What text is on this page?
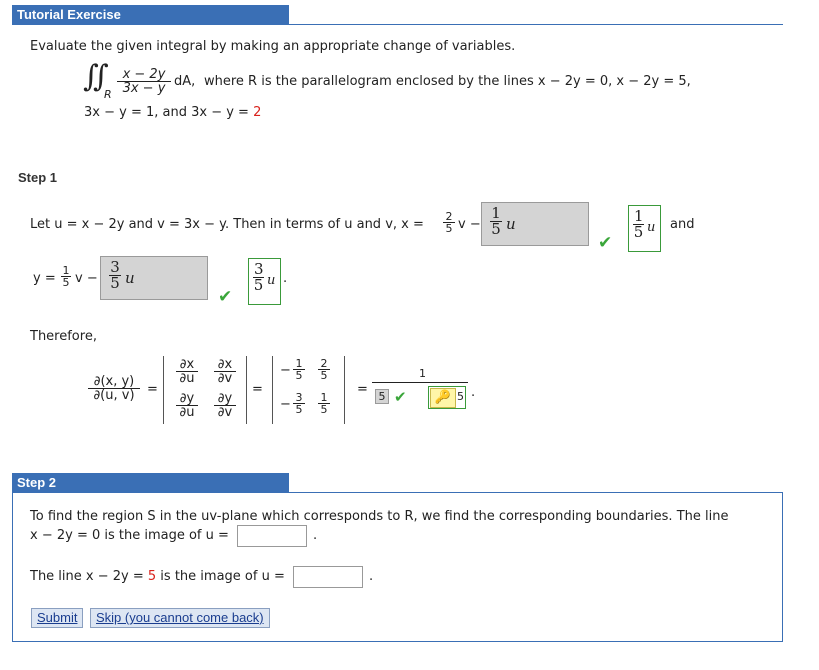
Tutorial Exercise
Evaluate the given integral by making an appropriate change of variables.
∬
R $\frac{x - 2y}{3x - y}$ dA, where R is the parallelogram enclosed by the lines x − 2y = 0, x − 2y = 5,
3x − y = 1, and 3x − y = 2
Step 1
Let u = x − 2y and v = 3x − y. Then in terms of u and v, $x = \frac{2}{5}$ $v - \frac{1}{5}$ u
✔
$\frac{1}{5}$ u and
$y = \frac{1}{5}$ $v - \frac{3}{5}$ u
✔
$\frac{3}{5}$ u .
Therefore,
$\frac{\partial(x, y)}{\partial(u, v)}$ =
$\frac{\partial x}{\partial u} \frac{\partial x}{\partial v}$
$\frac{\partial y}{\partial u} \frac{\partial y}{\partial v}$
=
− $\frac{1}{5} \frac{2}{5}$
− $\frac{3}{5} \frac{1}{5}$
=
1
5 ✔	🔑 5 .
Step 2
To find the region S in the uv-plane which corresponds to R, we find the corresponding boundaries. The line
x − 2y = 0 is the image of u =	.
The line x − 2y = 5 is the image of u =	.
Submit	Skip (you cannot come back)
